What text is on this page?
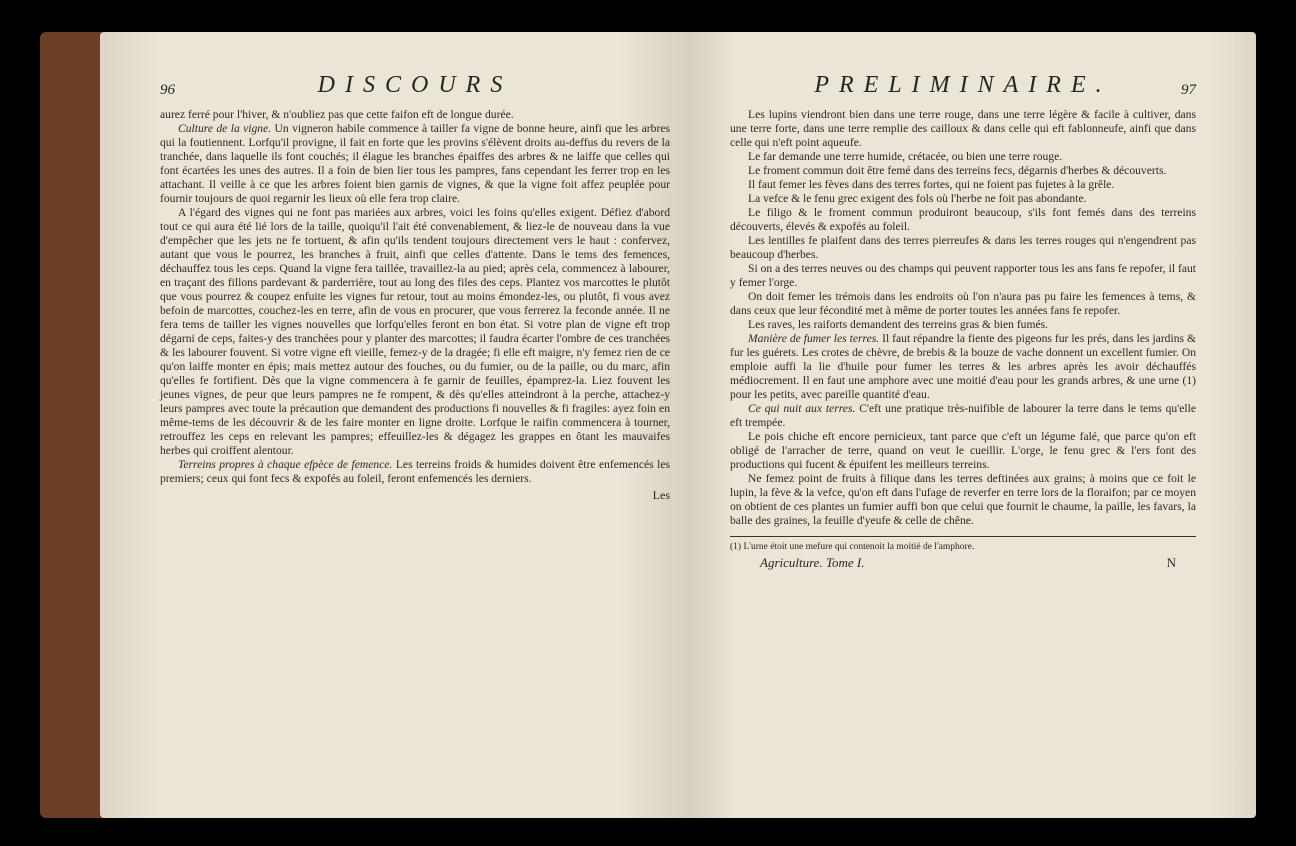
96	DISCOURS

aurez ferré pour l'hiver, & n'oubliez pas que cette faifon eft de longue durée.

Culture de la vigne. Un vigneron habile commence à tailler fa vigne de bonne heure, ainfi que les arbres qui la foutiennent. Lorfqu'il provigne, il fait en forte que les provins s'élèvent droits au-deffus du revers de la tranchée, dans laquelle ils font couchés; il élague les branches épaiffes des arbres & ne laiffe que celles qui font écartées les unes des autres. Il a foin de bien lier tous les pampres, fans cependant les ferrer trop en les attachant. Il veille à ce que les arbres foient bien garnis de vignes, & que la vigne foit affez peuplée pour fournir toujours de quoi regarnir les lieux où elle fera trop claire.

A l'égard des vignes qui ne font pas mariées aux arbres, voici les foins qu'elles exigent. Défiez d'abord tout ce qui aura été lié lors de la taille, quoiqu'il l'ait été convenablement, & liez-le de nouveau dans la vue d'empêcher que les jets ne fe tortuent, & afin qu'ils tendent toujours directement vers le haut : confervez, autant que vous le pourrez, les branches à fruit, ainfi que celles d'attente. Dans le tems des femences, déchauffez tous les ceps. Quand la vigne fera taillée, travaillez-la au pied; après cela, commencez à labourer, en traçant des fillons pardevant & parderrière, tout au long des files des ceps. Plantez vos marcottes le plutôt que vous pourrez & coupez enfuite les vignes fur retour, tout au moins émondez-les, ou plutôt, fi vous avez befoin de marcottes, couchez-les en terre, afin de vous en procurer, que vous ferrerez la feconde année. Il ne fera tems de tailler les vignes nouvelles que lorfqu'elles feront en bon état. Si votre plan de vigne eft trop dégarni de ceps, faites-y des tranchées pour y planter des marcottes; il faudra écarter l'ombre de ces tranchées & les labourer fouvent. Si votre vigne eft vieille, femez-y de la dragée; fi elle eft maigre, n'y femez rien de ce qu'on laiffe monter en épis; mais mettez autour des fouches, ou du fumier, ou de la paille, ou du marc, afin qu'elles fe fortifient. Dès que la vigne commencera à fe garnir de feuilles, épamprez-la. Liez fouvent les jeunes vignes, de peur que leurs pampres ne fe rompent, & dès qu'elles atteindront à la perche, attachez-y leurs pampres avec toute la précaution que demandent des productions fi nouvelles & fi fragiles: ayez foin en même-tems de les découvrir & de les faire monter en ligne droite. Lorfque le raifin commencera à tourner, retrouffez les ceps en relevant les pampres; effeuillez-les & dégagez les grappes en ôtant les mauvaifes herbes qui croiffent alentour.

Terreins propres à chaque efpèce de femence. Les terreins froids & humides doivent être enfemencés les premiers; ceux qui font fecs & expofés au foleil, feront enfemencés les derniers.

Les
PRELIMINAIRE.	97

Les lupins viendront bien dans une terre rouge, dans une terre légère & facile à cultiver, dans une terre forte, dans une terre remplie des cailloux & dans celle qui eft fablonneufe, ainfi que dans celle qui n'eft point aqueufe.

Le far demande une terre humide, crétacée, ou bien une terre rouge.

Le froment commun doit être femé dans des terreins fecs, dégarnis d'herbes & découverts.

Il faut femer les fèves dans des terres fortes, qui ne foient pas fujetes à la grêle.

La vefce & le fenu grec exigent des fols où l'herbe ne foit pas abondante.

Le filigo & le froment commun produiront beaucoup, s'ils font femés dans des terreins découverts, élevés & expofés au foleil.

Les lentilles fe plaifent dans des terres pierreufes & dans les terres rouges qui n'engendrent pas beaucoup d'herbes.

Si on a des terres neuves ou des champs qui peuvent rapporter tous les ans fans fe repofer, il faut y femer l'orge.

On doit femer les trémois dans les endroits où l'on n'aura pas pu faire les femences à tems, & dans ceux que leur fécondité met à même de porter toutes les années fans fe repofer.

Les raves, les raiforts demandent des terreins gras & bien fumés.

Manière de fumer les terres. Il faut répandre la fiente des pigeons fur les prés, dans les jardins & fur les guérets. Les crotes de chèvre, de brebis & la bouze de vache donnent un excellent fumier. On emploie auffi la lie d'huile pour fumer les terres & les arbres après les avoir déchauffés médiocrement. Il en faut une amphore avec une moitié d'eau pour les grands arbres, & une urne (1) pour les petits, avec pareille quantité d'eau.

Ce qui nuit aux terres. C'eft une pratique très-nuifible de labourer la terre dans le tems qu'elle eft trempée.

Le pois chiche eft encore pernicieux, tant parce que c'eft un légume falé, que parce qu'on eft obligé de l'arracher de terre, quand on veut le cueillir. L'orge, le fenu grec & l'ers font des productions qui fucent & épuifent les meilleurs terreins.

Ne femez point de fruits à filique dans les terres deftinées aux grains; à moins que ce foit le lupin, la fève & la vefce, qu'on eft dans l'ufage de reverfer en terre lors de la floraifon; par ce moyen on obtient de ces plantes un fumier auffi bon que celui que fournit le chaume, la paille, les favars, la balle des graines, la feuille d'yeufe & celle de chêne.

(1) L'urne étoit une mefure qui contenoit la moitié de l'amphore.
Agriculture. Tome I.	N
